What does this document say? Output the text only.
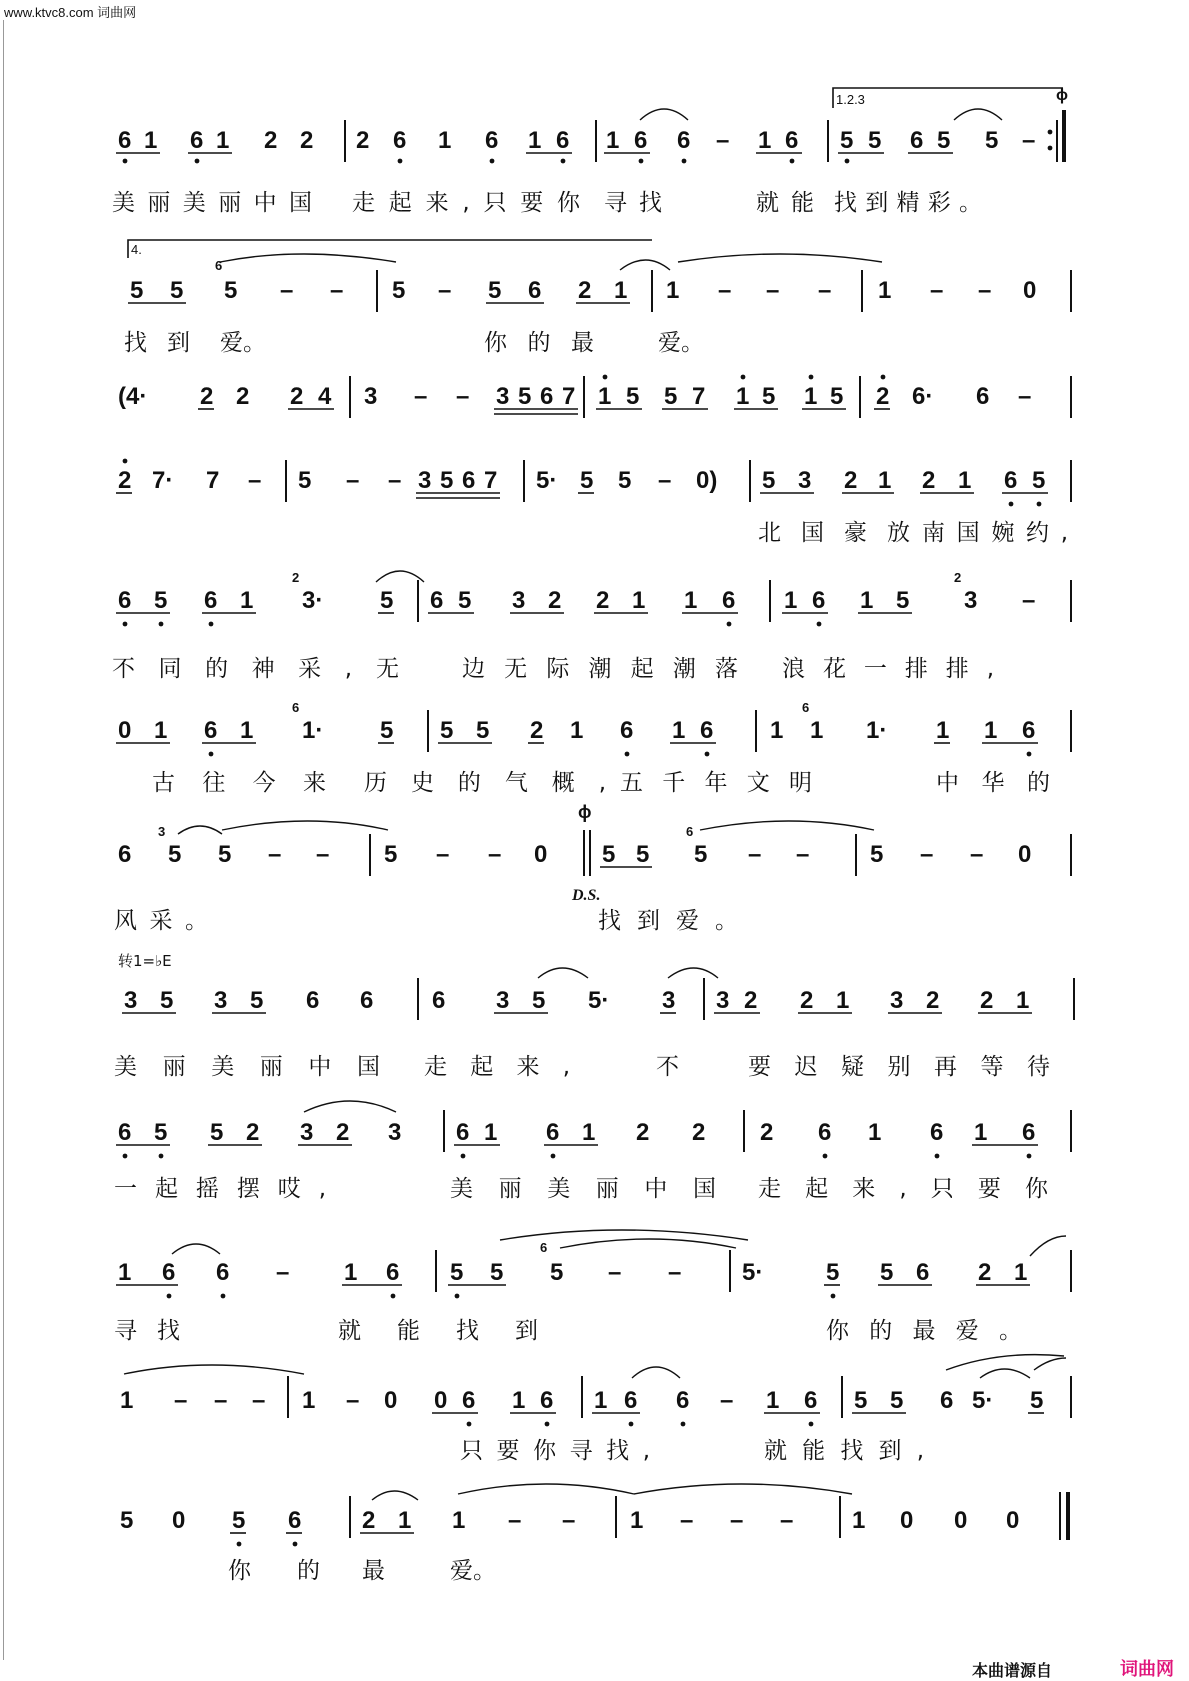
www.ktvc8.com 词曲网
1.2.3	ɸ
6 1 6 1 2 2 2 6 1 6 1 6 1 6 6 – 1 6 5 5 6 5 5 –
美丽美丽中国 走起来,只要你 寻找	就能 找到精彩。
4.
5 5 5 – – 5 – 5 6 2 1 1 – – – 1 – – 0
6
找到 爱。	你的最	爱。
(4· 2 2 2 4 3 – – 3 5 6 7 1 5 5 7 1 5 1 5 2 6· 6 –
2 7· 7 – 5 – – 3 5 6 7 5· 5 5 – 0) 5 3 2 1 2 1 6 5
北国豪放 南国婉约,
6 5 6 1 3· 5 6 5 3 2 2 1 1 6 1 6 1 5 3 –
2	2
不同的神采, 无	边无际潮起潮落 浪花一排排,
0 1 6 1 1· 5 5 5 2 1 6 1 6 1 1 1· 1 1 6
6	6
古往今来 历史的气概, 五千年文明	中华的
ɸ
6 5 5 – – 5 – – 0 5 5 5 – –	5 – – 0
3	6
D.S.
风采。	找到爱。
转1=♭E
3 5 3 5 6 6 6 3 5 5· 3 3 2 2 1 3 2 2 1
美丽美丽中国 走起来,	不	要迟疑别再等待
6 5 5 2 3 2 3 6 1 6 1 2 2 2 6 1 6 1 6
一起摇摆哎,	美丽美丽中国 走起来,只要你
1 6 6 – 1 6 5 5 5 – –	5·	5 5 6 2 1
6
寻找	就能找到	你的最爱。
1 – – – 1 – 0 0 6 1 6 1 6 6 – 1 6 5 5 6 5· 5
只要你寻找,	就能找到,
5 0 5 6	2 1 1 – – 1 – – – 1 0 0 0
你的 最	爱。
本曲谱源自	词曲网
